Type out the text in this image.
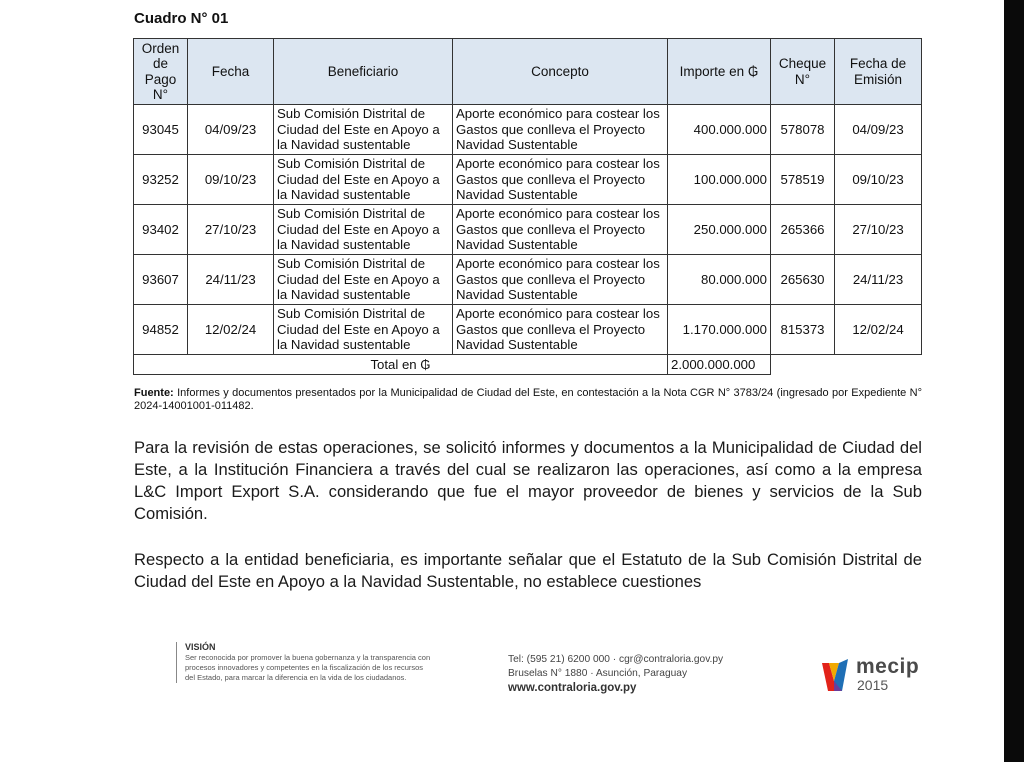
Cuadro N° 01
Orden de Pago N°	Fecha	Beneficiario	Concepto	Importe en ₲	Cheque N°	Fecha de Emisión
93045	04/09/23	Sub Comisión Distrital de Ciudad del Este en Apoyo a la Navidad sustentable	Aporte económico para costear los Gastos que conlleva el Proyecto Navidad Sustentable	400.000.000	578078	04/09/23
93252	09/10/23	Sub Comisión Distrital de Ciudad del Este en Apoyo a la Navidad sustentable	Aporte económico para costear los Gastos que conlleva el Proyecto Navidad Sustentable	100.000.000	578519	09/10/23
93402	27/10/23	Sub Comisión Distrital de Ciudad del Este en Apoyo a la Navidad sustentable	Aporte económico para costear los Gastos que conlleva el Proyecto Navidad Sustentable	250.000.000	265366	27/10/23
93607	24/11/23	Sub Comisión Distrital de Ciudad del Este en Apoyo a la Navidad sustentable	Aporte económico para costear los Gastos que conlleva el Proyecto Navidad Sustentable	80.000.000	265630	24/11/23
94852	12/02/24	Sub Comisión Distrital de Ciudad del Este en Apoyo a la Navidad sustentable	Aporte económico para costear los Gastos que conlleva el Proyecto Navidad Sustentable	1.170.000.000	815373	12/02/24
Total en ₲				2.000.000.000		
Fuente: Informes y documentos presentados por la Municipalidad de Ciudad del Este, en contestación a la Nota CGR N° 3783/24 (ingresado por Expediente N° 2024-14001001-011482.
Para la revisión de estas operaciones, se solicitó informes y documentos a la Municipalidad de Ciudad del Este, a la Institución Financiera a través del cual se realizaron las operaciones, así como a la empresa L&C Import Export S.A. considerando que fue el mayor proveedor de bienes y servicios de la Sub Comisión.
Respecto a la entidad beneficiaria, es importante señalar que el Estatuto de la Sub Comisión Distrital de Ciudad del Este en Apoyo a la Navidad Sustentable, no establece cuestiones
VISIÓN
Ser reconocida por promover la buena gobernanza y la transparencia con procesos innovadores y competentes en la fiscalización de los recursos del Estado, para marcar la diferencia en la vida de los ciudadanos.
Tel: (595 21) 6200 000 · cgr@contraloria.gov.py
Bruselas N° 1880 · Asunción, Paraguay
www.contraloria.gov.py
mecip
2015
